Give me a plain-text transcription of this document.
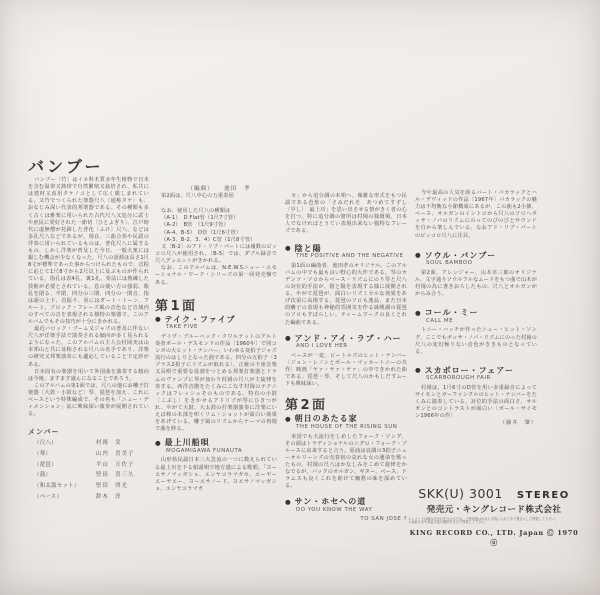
バンブー

バンブー〔竹〕はイネ科木質多年生植物で日本を含む温帯又熱帯で自然繁殖又栽培され、私共には建材又食用タケノコとして広く親しまれている。又竹でつくられた楽器尺八〔通称タケ〕も、おなじみ深い代表的邦楽器である。その種類も多く古くは雅楽に用いられた古代尺八又追分に武士や庶民に愛好された一節切〔ひとよぎり〕、江戸時代に虚無僧が托鉢した普化〔ふけ〕尺八、などは多孔尺八などであるが、現在、三曲合奏や民謡の伴奏に用いられているものは、普化尺八に属するもの、しかし洋楽が普及した今日、一般大衆には親しむ機会が少なくなった。尺八の語源は長さ1尺8寸が標準であった事からつけられたもので、音程に応じて1尺8寸から2尺以上に及ぶものが作られている。指孔は表4孔、裏1孔、奏法には熟練した技術が必要とされている。息の使い方の強弱、歌孔を閉る、半閉、四分の三閉、四分の一閉音、指は頭の上下、首振り、更にはダート・トーン、フルート、ブロック・フレーズ風の音色など音域内のすべての音を表現される独特の楽器で、このアルバムでもその技巧が十分にきかれる。

最近バロック・ブーム又ジャズの普及に伴ない尺八が洋楽手法で演奏される傾向が多く見られるようになった。このアルバムの主人公村岡実は山本邦山と共に並称される尺八の名手であり、洋楽の研究又邦楽演奏にも適応していることで定評がある。

日本固有の楽器を用いて外国曲を演奏する傾向は今後、ますます盛んになることであろう。

このアルバムの第1面では、尺八の他にお囃子打楽器〔大鼓・小鼓など〕琴、琵琶を加え、これにベースという特殊編成で、その名も「ニュー・ディメンション」誌に興味深い演奏が展開されている。

メンバー
（尺八）	村岡　実
（琴）	山内　喜美子
（琵琶）	平山　万佐子
（鼓）	堅田　喜三久
（和太鼓セット）	堅田　啓光
（ベース）	鈴木　淳

（編曲）　　池田　孝

第2面は、尺八中心の五重奏団

なお、使用した尺八の種類は

（A-1）　D Flat管（1尺7寸管）

（A-2）　B管　（1尺9寸管）

（A-4、B-5）　D管（1尺6寸管）

（A-3、B-2、3、4）C管（1尺8寸管）

又〔B-2〕のアド・リブ・パートには複数のピッコロ尺八が使用され、〔B-5〕では、ダブル録音で尺八デュエットがきかれる。

なお、このアルバムは、N.E.W.Sニュー・エモーショナル・ワーク・シリーズの第一回発売盤である。

第1面
● テイク・ファイブ
TAKE FIVE

デイヴ・ブルーベック・クワルテットのアルト奏者ポール・デスモンドの作品〔1960年〕で同コンボの大ヒット・ナンバー、いわゆる変拍子ジャズ流行のはしりとなった曲である。四分の五拍子〔3プラス2拍子にリズムが取れる〕、正統の下座音楽又長唄で重要な役割をつとめる邦楽打楽器とドラムのヴァンプに琴が加わり村岡の尺八が主旋律を奏する。西洋音階をたくみにこなす村岡のテクニックはフレッシュそのものである。特有の小鼓〔こぶし〕をきかせるアドリブが琴にひきつがれ、やがて大鼓、大太鼓の打楽器演奏に洋楽にいえば棒の木部を叩くリム・ショットが面白い効果をあげている。囃子風のリズムからテーマの再現で曲を終る。

● 最上川船唄
MOGAMIGAWA FUNAUTA

山形県民謡日本三大急流の一つに数えられている最上川を下る船頭唄で地方訛による歌唱、「ヨーエサノマッガショ、エンヤコラマガセ、エーヤーエーヤエー、ヨーエサノード、ヨエサノマッガショ、エンヤコラマガ

セ」から追分調の本唄へ。複雑な形式をもつ民謡である芭蕉の「さみだれを　あつめてすずし〔早し〕　最上川」を思い出させる情がきく者の心を打つ。特に追分調の箇所は村岡の独壇場、日本人でなければとうてい表現出来ない独特なフレーズである。

● 陰と陽
THE POSITIVE AND THE NEGATIVE

第1面の編曲者、池田孝のオリジナル。このアルバムの中でも最も良い野心的大作である。琴のカデンツ・ソロからベース・リズムにのり琴と尺八の対位的手法が、陰と陽を表現する様に展開される。やがて琵琶が、面白いリズミカルな効果をあげ次第に高揚する。琵琶のソロも逸品、また日本的囃子の表現も神秘的雰囲気を作る詠嘆調の琵琶のソロもすばらしい。ティームワークの良くとれた編曲である。

● アンド・アイ・ラブ・ハー
AND I LOVE HER

ベースが一変、ビートルズのヒット・ナンバー〔ジョン・レノンとポール・マッカートニーの共作〕映画「ヤァ・ヤァ・ヤァ」の中できかれた曲である。琵琶・琴、そして尺八のかもしだすムードも興味深い。

第2面
● 朝日のあたる家
THE HOUSE OF THE RISING SUN

米国でも大流行をしめしたフォーク・ソング、その源はトラディショナルのニグロ・フォーク・ブルースに由来すると言う。原曲は哀調の3拍子ニューオルリーンズの売春宿の哀れな女の運命を歌ったもの。村岡の尺八はかなしみをこめて旋律をかなでるが、バックのオルガン、ギター、ベース、ドラムスも良くこれを助けて幽愁の味を深めている。

● サン・ホセへの道
DO YOU KNOW THE WAY
TO SAN JOSE ?

今や最高の人気を誇るバート・バカラックとハル・デヴィッドの作品〔1967年〕バカラックの魅力は不均衡な小節構成にあるが、この曲も2小節、ベース、オルガンのイントロから尺八のソロへボッサ・ノバのリズムにのってのびのびとサウンドを自から楽しんでいる。なおアド・リブ・パートのピッコロ尺八に注目。

● ソウル・バンブー
SOUL BAMBOO

第2面、アレンジャー、山木幸三郎のオリジナル、文字通りソウルフルなムードをもつ曲で山木が村岡の為に書きおろしたもの。尺八とオルガンがからみ合う。

● コール・ミー
CALL ME

トニー・ハッチが作ったニュー・ヒット・ソング、ここでもボッサ・ノバ・リズムにのった村岡の尺八の変幻極りない音色がききものとなっている。

● スカボロー・フェアー
SCARBOROUGH FAIR

村岡は、1尺6寸のD管を用い多重録音によってサイモンとガーファンクルのヒット・ナンバーをたくみに演奏している。対位的手法の面白さ、オルガンとのコントラストが面白い〔ポール・サイモン1966年の作〕

（藤井　肇）

SKK(U) 3001 STEREO
発売元・キングレコード株式会社
＊レコードは傷みや汚れをさけるため、ご使用後はかならず袋に入れてタテ置きにして保管して下さい。
＊直射日光や高温多湿の場所をさけて保管して下さい。
KING RECORD CO., LTD. Japan Ⓒ 1970 ⓤ
